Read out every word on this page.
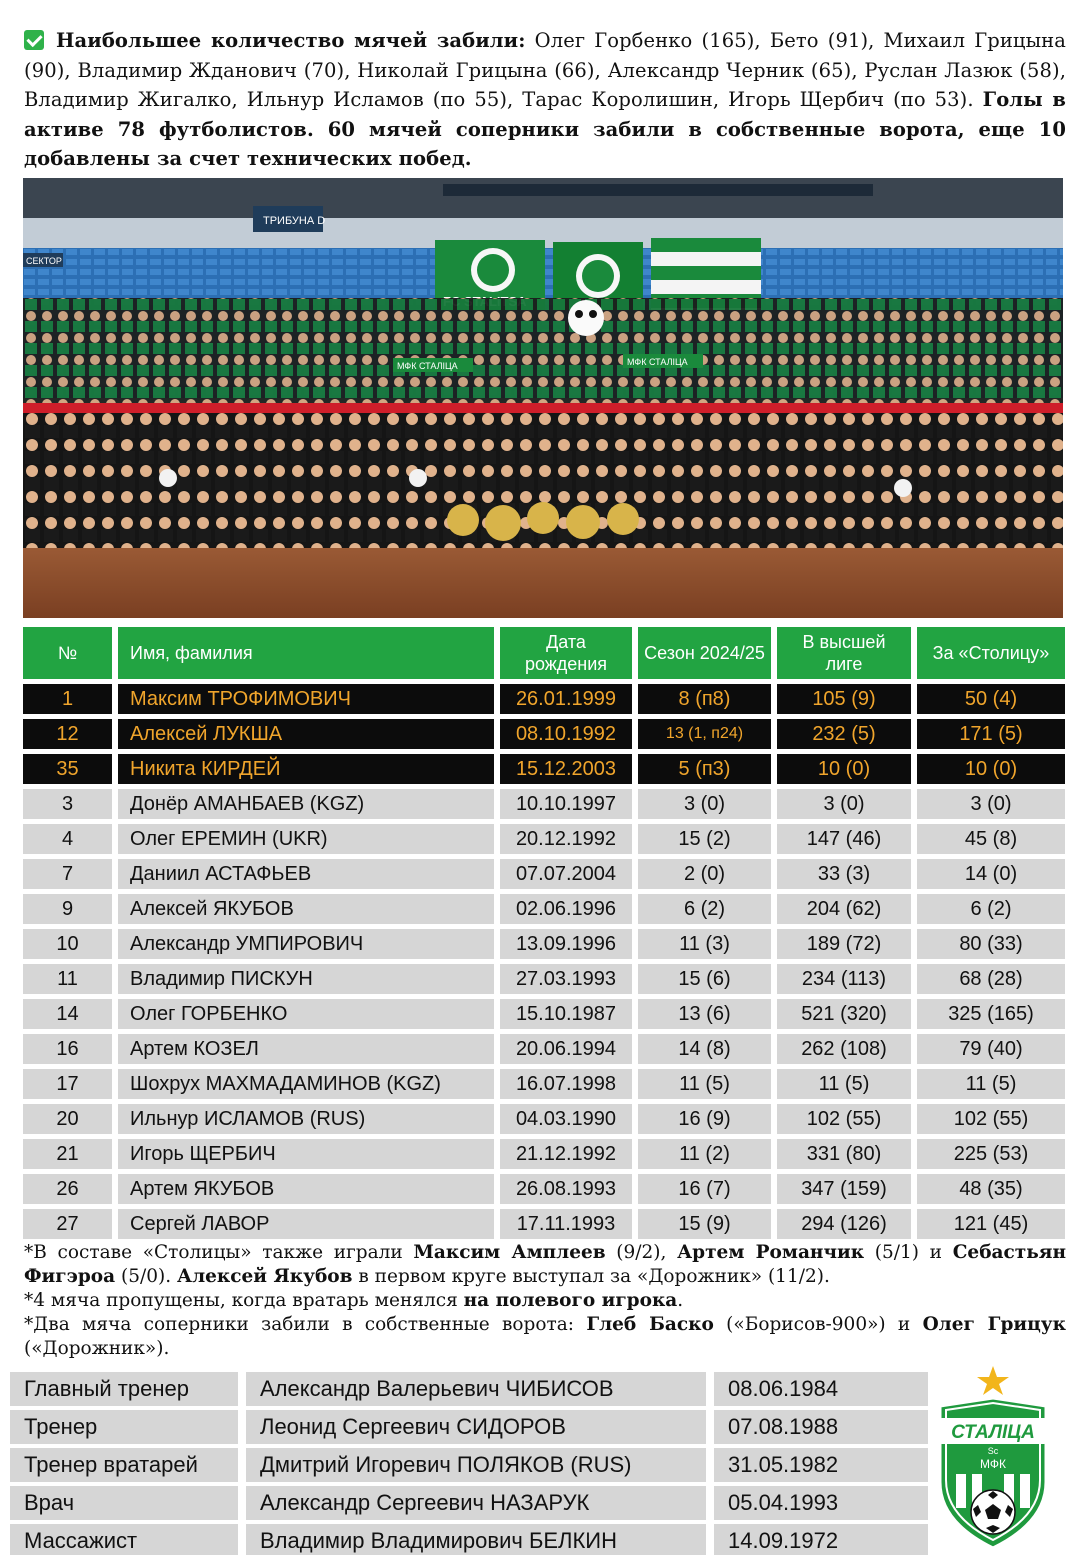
Наибольшее количество мячей забили: Олег Горбенко (165), Бето (91), Михаил Грицына (90), Владимир Жданович (70), Николай Грицына (66), Александр Черник (65), Руслан Лазюк (58), Владимир Жигалко, Ильнур Исламов (по 55), Тарас Королишин, Игорь Щербич (по 53). Голы в активе 78 футболистов. 60 мячей соперники забили в собственные ворота, еще 10 добавлены за счет технических побед.
ТРИБУНА D
СЕКТОР
МФК СТАЛІЦА	МФК СТАЛІЦА
№	Имя, фамилия	Дата рождения	Сезон 2024/25	В высшей лиге	За «Столицу»
1	Максим ТРОФИМОВИЧ	26.01.1999	8 (п8)	105 (9)	50 (4)
12	Алексей ЛУКША	08.10.1992	13 (1, п24)	232 (5)	171 (5)
35	Никита КИРДЕЙ	15.12.2003	5 (п3)	10 (0)	10 (0)
3	Донёр АМАНБАЕВ (KGZ)	10.10.1997	3 (0)	3 (0)	3 (0)
4	Олег ЕРЕМИН (UKR)	20.12.1992	15 (2)	147 (46)	45 (8)
7	Даниил АСТАФЬЕВ	07.07.2004	2 (0)	33 (3)	14 (0)
9	Алексей ЯКУБОВ	02.06.1996	6 (2)	204 (62)	6 (2)
10	Александр УМПИРОВИЧ	13.09.1996	11 (3)	189 (72)	80 (33)
11	Владимир ПИСКУН	27.03.1993	15 (6)	234 (113)	68 (28)
14	Олег ГОРБЕНКО	15.10.1987	13 (6)	521 (320)	325 (165)
16	Артем КОЗЕЛ	20.06.1994	14 (8)	262 (108)	79 (40)
17	Шохрух МАХМАДАМИНОВ (KGZ)	16.07.1998	11 (5)	11 (5)	11 (5)
20	Ильнур ИСЛАМОВ (RUS)	04.03.1990	16 (9)	102 (55)	102 (55)
21	Игорь ЩЕРБИЧ	21.12.1992	11 (2)	331 (80)	225 (53)
26	Артем ЯКУБОВ	26.08.1993	16 (7)	347 (159)	48 (35)
27	Сергей ЛАВОР	17.11.1993	15 (9)	294 (126)	121 (45)

*В составе «Столицы» также играли Максим Амплеев (9/2), Артем Романчик (5/1) и Себастьян Фигэроа (5/0). Алексей Якубов в первом круге выступал за «Дорожник» (11/2).

*4 мяча пропущены, когда вратарь менялся на полевого игрока.

*Два мяча соперники забили в собственные ворота: Глеб Баско («Борисов-900») и Олег Грицук («Дорожник»).

Главный тренер	Александр Валерьевич ЧИБИСОВ	08.06.1984
Тренер	Леонид Сергеевич СИДОРОВ	07.08.1988
Тренер вратарей	Дмитрий Игоревич ПОЛЯКОВ (RUS)	31.05.1982
Врач	Александр Сергеевич НАЗАРУК	05.04.1993
Массажист	Владимир Владимирович БЕЛКИН	14.09.1972
СТАЛІЦА
Sc
МФК
